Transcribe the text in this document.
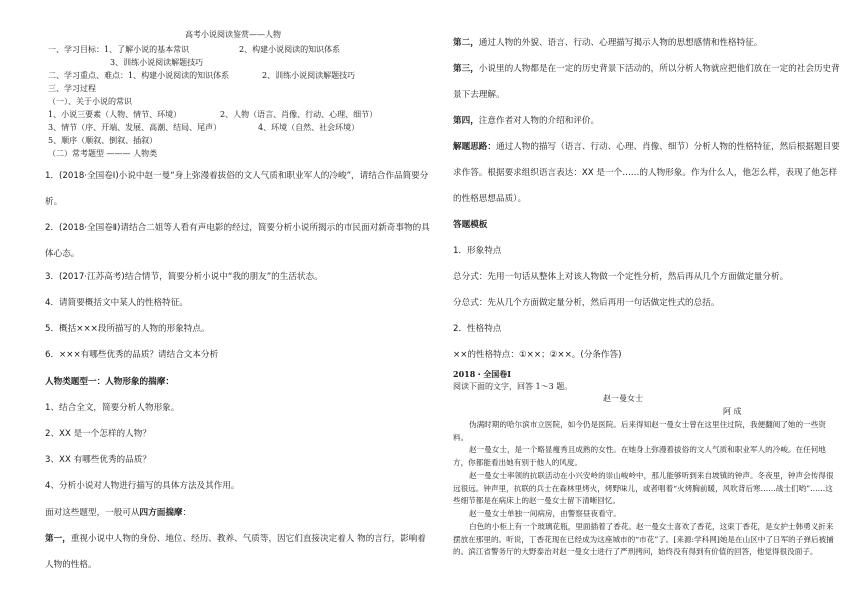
高考小说阅读鉴赏——人物
一、学习目标：1、了解小说的基本常识	2、构建小说阅读的知识体系
3、训练小说阅读解题技巧
二、学习重点、难点：1、构建小说阅读的知识体系	2、训练小说阅读解题技巧
三、学习过程
（一）、关于小说的常识
1、小说三要素（人物、情节、环境）	2、人物（语言、肖像、行动、心理、细节）
3、情节（序、开端、发展、高潮、结局、尾声）	4、环境（自然、社会环境）
5、顺序（顺叙、倒叙、插叙）
（二）常考题型 ——— 人物类
1．(2018·全国卷Ⅰ)小说中赵一曼“身上弥漫着拔俗的文人气质和职业军人的冷峻”，请结合作品简要分析。
2．(2018·全国卷Ⅱ)请结合二姐等人看有声电影的经过，简要分析小说所揭示的市民面对新奇事物的具体心态。
3．(2017·江苏高考)结合情节，简要分析小说中“我的朋友”的生活状态。
4．请简要概括文中某人的性格特征。
5．概括×××段所描写的人物的形象特点。
6．×××有哪些优秀的品质？请结合文本分析
人物类题型一：人物形象的揣摩：
1、结合全文，简要分析人物形象。
2、XX 是一个怎样的人物？
3、XX 有哪些优秀的品质？
4、分析小说对人物进行描写的具体方法及其作用。
面对这些题型，一般可从四方面揣摩：
第一，重视小说中人物的身份、地位、经历、教养、气质等，因它们直接决定着人 物的言行，影响着人物的性格。
第二，通过人物的外貌、语言、行动、心理描写揭示人物的思想感情和性格特征。
第三，小说里的人物都是在一定的历史背景下活动的，所以分析人物就应把他们放在一定的社会历史背景下去理解。
第四，注意作者对人物的介绍和评价。
解题思路：通过人物的描写（语言、行动、心理、肖像、细节）分析人物的性格特征，然后根据题目要求作答。根据要求组织语言表达：XX 是一个……的人物形象。作为什么人，他怎么样，表现了他怎样的性格思想品质）。
答题模板
1．形象特点
总分式：先用一句话从整体上对该人物做一个定性分析，然后再从几个方面做定量分析。
分总式：先从几个方面做定量分析，然后再用一句话做定性式的总括。
2．性格特点
××的性格特点：①××；②××。(分条作答)
2018・全国卷Ⅰ
阅读下面的文字，回答 1～3 题。
赵一曼女士
阿 成
伪满时期的哈尔滨市立医院，如今仍是医院。后来得知赵一曼女士曾在这里住过院，我便翻阅了她的一些资料。
赵一曼女士，是一个略显瘦秀且成熟的女性。在她身上弥漫着拔俗的文人气质和职业军人的冷峻。在任何地方，你都能看出她有别于他人的风度。
赵一曼女士率领的抗联活动在小兴安岭的崇山峻岭中，那儿能够听到来自坡镇的钟声。冬夜里，钟声会传得很远很远。钟声里，抗联的兵士在森林里烤火，烤野味儿，或者唱着“火烤胸前暖，风吹背后寒……战士们哟”……这些细节都是在病床上的赵一曼女士留下清晰回忆。
赵一曼女士单独一间病房，由警察昼夜看守。
白色的小柜上有一个玻璃花瓶，里面插着了香花。赵一曼女士喜欢了香花，这束丁香花，是女护士韩勇义折来摆放在那里的。听说，丁香花现在已经成为这座城市的“市花”了。[来源:学科网]她是在山区中了日军的子弹后被捕的。滨江省警务厅的大野泰治对赵一曼女士进行了严刑拷问，始终没有得到有价值的回答，他觉得很没面子。
